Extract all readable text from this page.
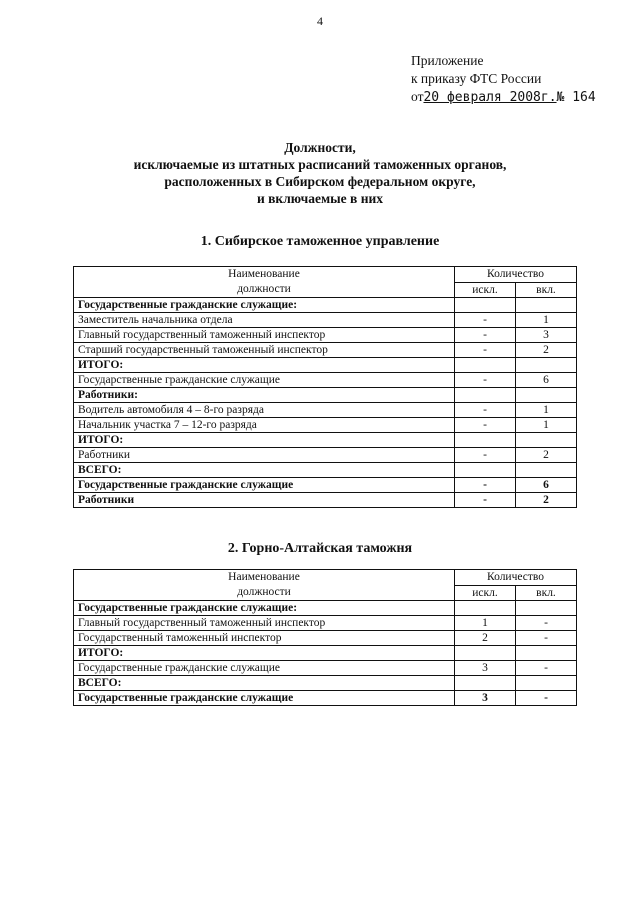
4
Приложение
к приказу ФТС России
от20 февраля 2008г.№ 164
Должности,
исключаемые из штатных расписаний таможенных органов,
расположенных в Сибирском федеральном округе,
и включаемые в них
1. Сибирское таможенное управление
Наименование
должности	Количество	
	искл.	вкл.
Государственные гражданские служащие:		
Заместитель начальника отдела	-	1
Главный государственный таможенный инспектор	-	3
Старший государственный таможенный инспектор	-	2
ИТОГО:		
Государственные гражданские служащие	-	6
Работники:		
Водитель автомобиля 4 – 8-го разряда	-	1
Начальник участка 7 – 12-го разряда	-	1
ИТОГО:		
Работники	-	2
ВСЕГО:		
Государственные гражданские служащие	-	6
Работники	-	2
2. Горно-Алтайская таможня
Наименование
должности	Количество	
	искл.	вкл.
Государственные гражданские служащие:		
Главный государственный таможенный инспектор	1	-
Государственный таможенный инспектор	2	-
ИТОГО:		
Государственные гражданские служащие	3	-
ВСЕГО:		
Государственные гражданские служащие	3	-
